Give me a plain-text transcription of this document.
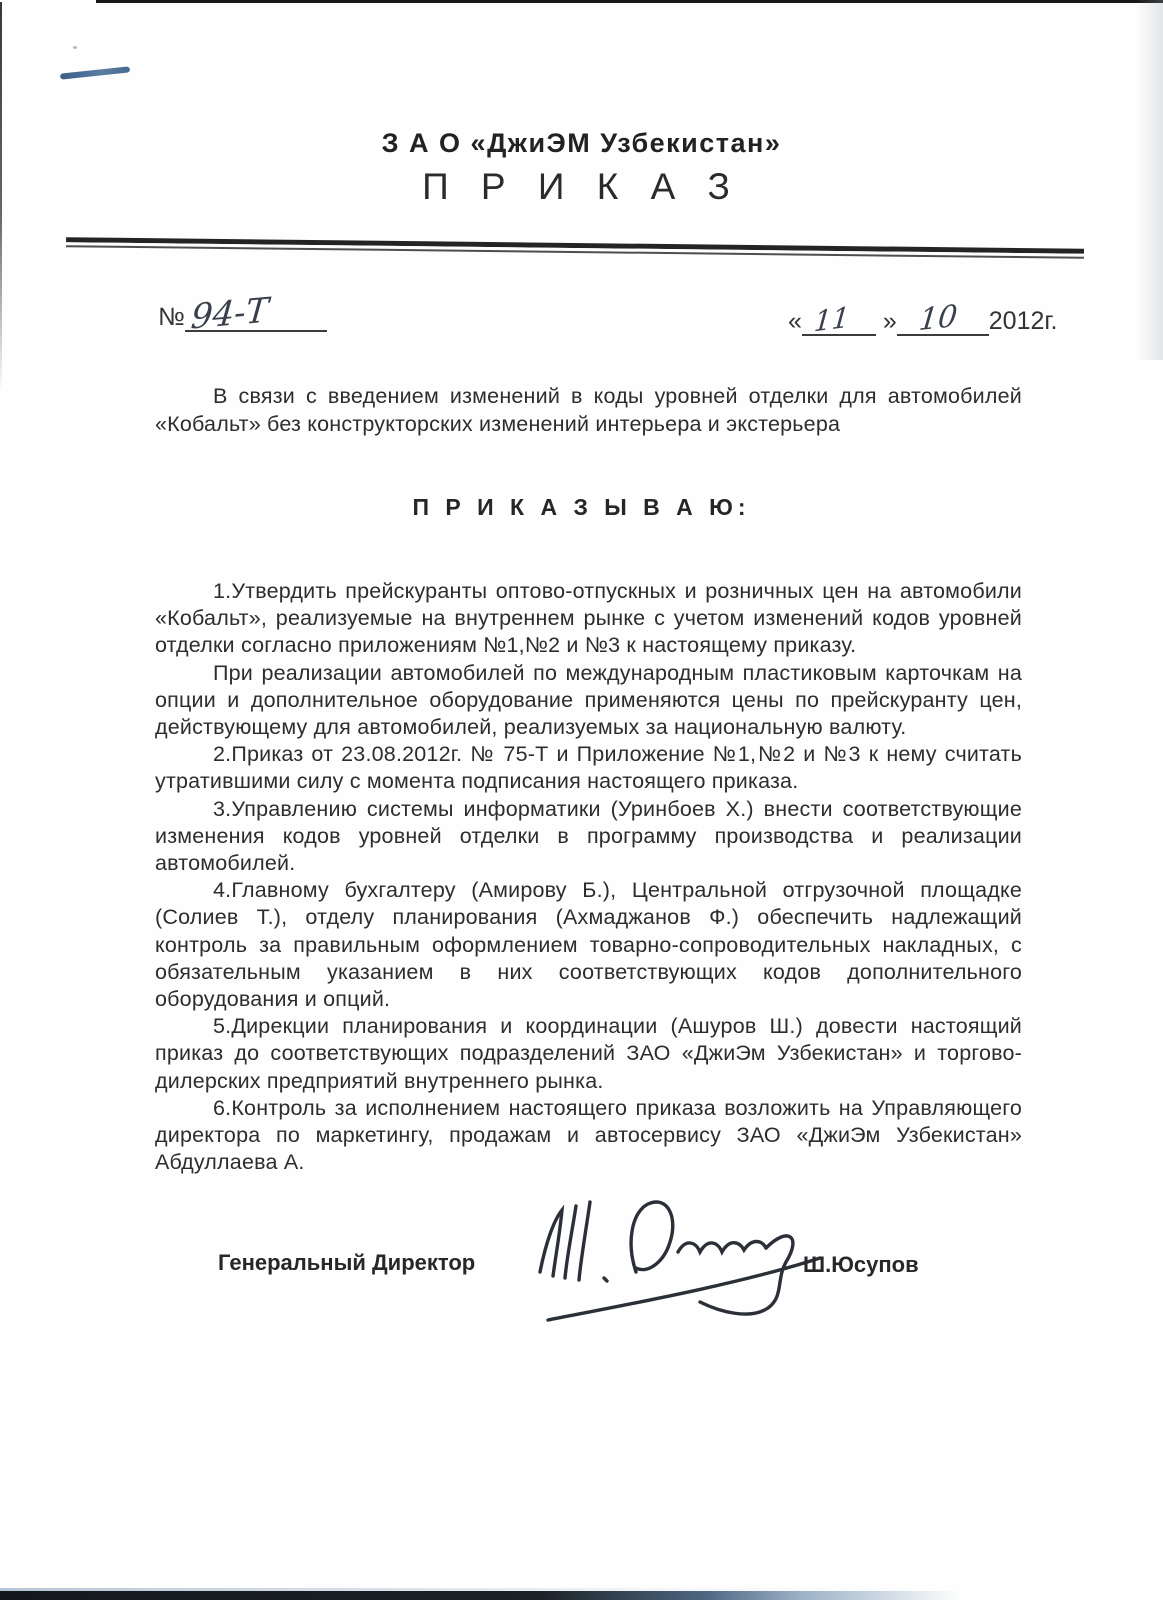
З А О «ДжиЭМ Узбекистан»
П Р И К А З
№ 94-Т	« 11 » 10 2012г.

В связи с введением изменений в коды уровней отделки для автомобилей «Кобальт» без конструкторских изменений интерьера и экстерьера

П Р И К А З Ы В А Ю:

1.Утвердить прейскуранты оптово-отпускных и розничных цен на автомобили «Кобальт», реализуемые на внутреннем рынке с учетом изменений кодов уровней отделки согласно приложениям №1,№2 и №3 к настоящему приказу.

При реализации автомобилей по международным пластиковым карточкам на опции и дополнительное оборудование применяются цены по прейскуранту цен, действующему для автомобилей, реализуемых за национальную валюту.

2.Приказ от 23.08.2012г. № 75-Т и Приложение №1,№2 и №3 к нему считать утратившими силу с момента подписания настоящего приказа.

3.Управлению системы информатики (Уринбоев Х.) внести соответствующие изменения кодов уровней отделки в программу производства и реализации автомобилей.

4.Главному бухгалтеру (Амирову Б.), Центральной отгрузочной площадке (Солиев Т.), отделу планирования (Ахмаджанов Ф.) обеспечить надлежащий контроль за правильным оформлением товарно-сопроводительных накладных, с обязательным указанием в них соответствующих кодов дополнительного оборудования и опций.

5.Дирекции планирования и координации (Ашуров Ш.) довести настоящий приказ до соответствующих подразделений ЗАО «ДжиЭм Узбекистан» и торгово-дилерских предприятий внутреннего рынка.

6.Контроль за исполнением настоящего приказа возложить на Управляющего директора по маркетингу, продажам и автосервису ЗАО «ДжиЭм Узбекистан» Абдуллаева А.

Генеральный Директор	Ш.Юсупов
